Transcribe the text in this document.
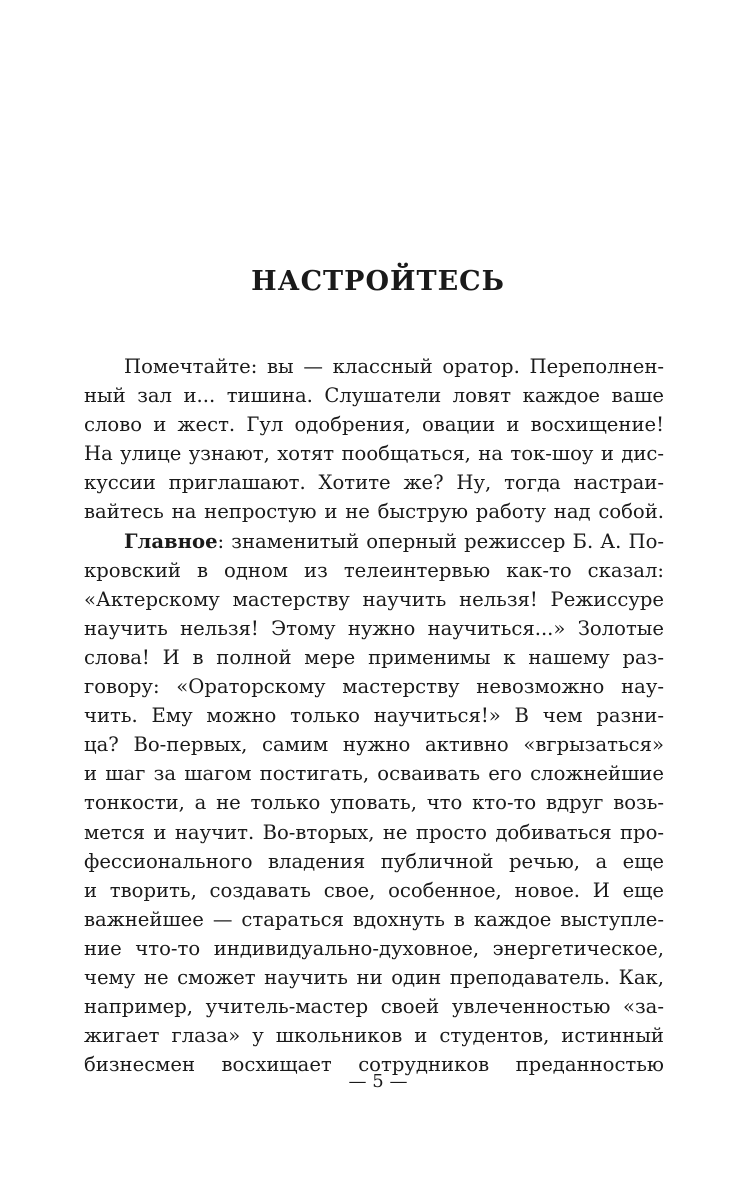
НАСТРОЙТЕСЬ
Помечтайте: вы — классный оратор. Переполнен-
ный зал и... тишина. Слушатели ловят каждое ваше
слово и жест. Гул одобрения, овации и восхищение!
На улице узнают, хотят пообщаться, на ток-шоу и дис-
куссии приглашают. Хотите же? Ну, тогда настраи-
вайтесь на непростую и не быструю работу над собой.
Главное: знаменитый оперный режиссер Б. А. По-
кровский в одном из телеинтервью как-то сказал:
«Актерскому мастерству научить нельзя! Режиссуре
научить нельзя! Этому нужно научиться...» Золотые
слова! И в полной мере применимы к нашему раз-
говору: «Ораторскому мастерству невозможно нау-
чить. Ему можно только научиться!» В чем разни-
ца? Во-первых, самим нужно активно «вгрызаться»
и шаг за шагом постигать, осваивать его сложнейшие
тонкости, а не только уповать, что кто-то вдруг возь-
мется и научит. Во-вторых, не просто добиваться про-
фессионального владения публичной речью, а еще
и творить, создавать свое, особенное, новое. И еще
важнейшее — стараться вдохнуть в каждое выступле-
ние что-то индивидуально-духовное, энергетическое,
чему не сможет научить ни один преподаватель. Как,
например, учитель-мастер своей увлеченностью «за-
жигает глаза» у школьников и студентов, истинный
бизнесмен восхищает сотрудников преданностью
— 5 —
